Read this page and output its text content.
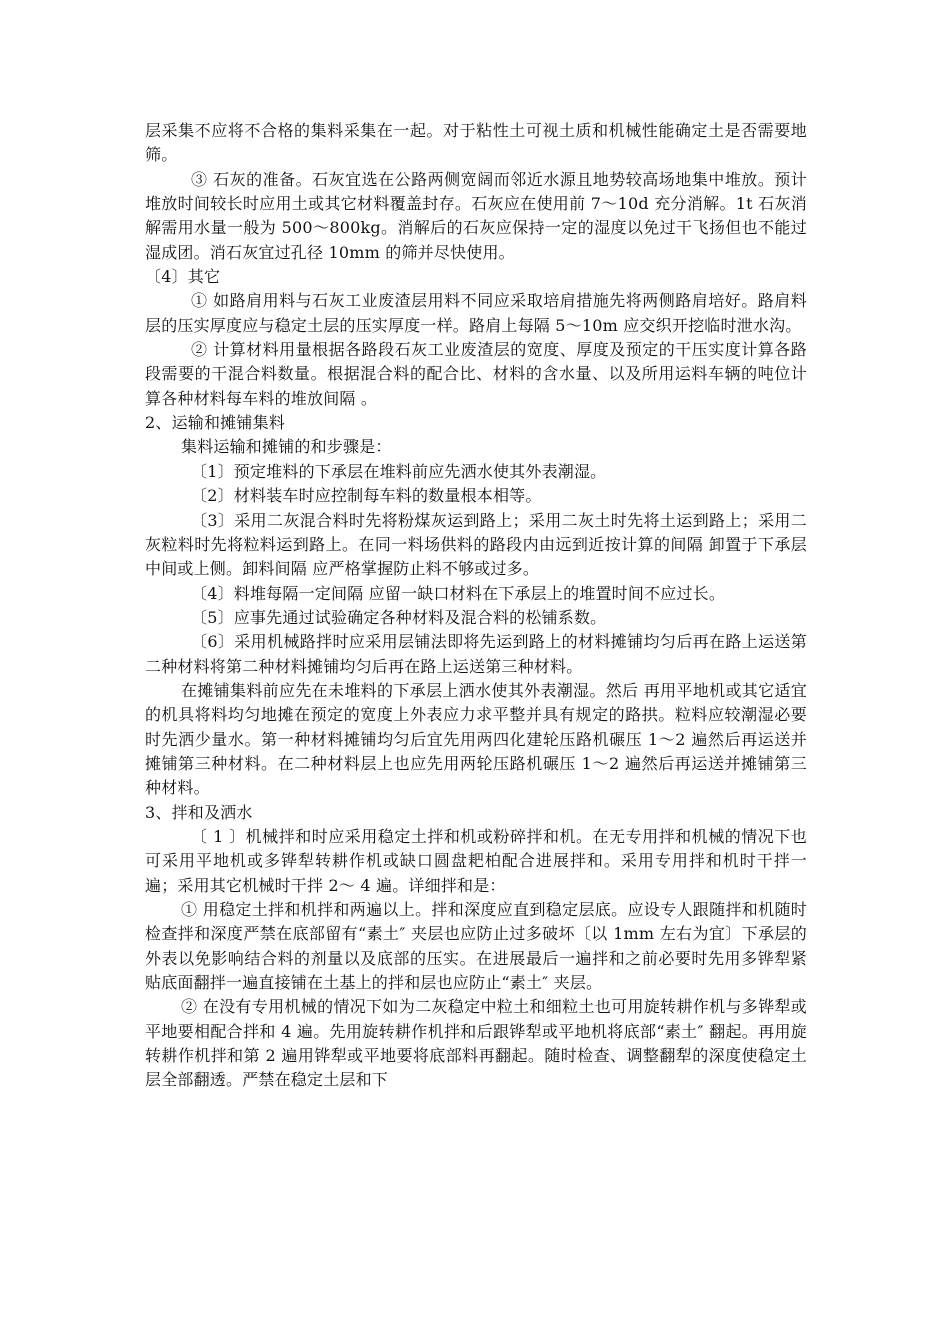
层采集不应将不合格的集料采集在一起。对于粘性土可视土质和机械性能确定土是否需要地筛。

③ 石灰的准备。石灰宜选在公路两侧宽阔而邻近水源且地势较高场地集中堆放。预计堆放时间较长时应用土或其它材料覆盖封存。石灰应在使用前 7～10d 充分消解。1t 石灰消解需用水量一般为 500～800kg。消解后的石灰应保持一定的湿度以免过干飞扬但也不能过湿成团。消石灰宜过孔径 10mm 的筛并尽快使用。

〔4〕其它

① 如路肩用料与石灰工业废渣层用料不同应采取培肩措施先将两侧路肩培好。路肩料层的压实厚度应与稳定土层的压实厚度一样。路肩上每隔 5～10m 应交织开挖临时泄水沟。

② 计算材料用量根据各路段石灰工业废渣层的宽度、厚度及预定的干压实度计算各路段需要的干混合料数量。根据混合料的配合比、材料的含水量、以及所用运料车辆的吨位计算各种材料每车料的堆放间隔 。

2、运输和摊铺集料

集料运输和摊铺的和步骤是：

〔1〕预定堆料的下承层在堆料前应先洒水使其外表潮湿。

〔2〕材料装车时应控制每车料的数量根本相等。

〔3〕采用二灰混合料时先将粉煤灰运到路上；采用二灰土时先将土运到路上；采用二灰粒料时先将粒料运到路上。在同一料场供料的路段内由远到近按计算的间隔 卸置于下承层中间或上侧。卸料间隔 应严格掌握防止料不够或过多。

〔4〕料堆每隔一定间隔 应留一缺口材料在下承层上的堆置时间不应过长。

〔5〕应事先通过试验确定各种材料及混合料的松铺系数。

〔6〕采用机械路拌时应采用层铺法即将先运到路上的材料摊铺均匀后再在路上运送第二种材料将第二种材料摊铺均匀后再在路上运送第三种材料。

在摊铺集料前应先在未堆料的下承层上洒水使其外表潮湿。然后 再用平地机或其它适宜的机具将料均匀地摊在预定的宽度上外表应力求平整并具有规定的路拱。粒料应较潮湿必要时先洒少量水。第一种材料摊铺均匀后宜先用两四化建轮压路机碾压 1～2 遍然后再运送并摊铺第三种材料。在二种材料层上也应先用两轮压路机碾压 1～2 遍然后再运送并摊铺第三种材料。

3、拌和及洒水

〔 1 〕机械拌和时应采用稳定土拌和机或粉碎拌和机。在无专用拌和机械的情况下也可采用平地机或多铧犁转耕作机或缺口圆盘耙柏配合进展拌和。采用专用拌和机时干拌一遍；采用其它机械时干拌 2～ 4 遍。详细拌和是：

① 用稳定土拌和机拌和两遍以上。拌和深度应直到稳定层底。应设专人跟随拌和机随时检查拌和深度严禁在底部留有“素土″ 夹层也应防止过多破坏〔以 1mm 左右为宜〕下承层的外表以免影响结合料的剂量以及底部的压实。在进展最后一遍拌和之前必要时先用多铧犁紧贴底面翻拌一遍直接铺在土基上的拌和层也应防止“素土″ 夹层。

② 在没有专用机械的情况下如为二灰稳定中粒土和细粒土也可用旋转耕作机与多铧犁或平地要相配合拌和 4 遍。先用旋转耕作机拌和后跟铧犁或平地机将底部“素土″ 翻起。再用旋转耕作机拌和第 2 遍用铧犁或平地要将底部料再翻起。随时检查、调整翻犁的深度使稳定土层全部翻透。严禁在稳定土层和下
